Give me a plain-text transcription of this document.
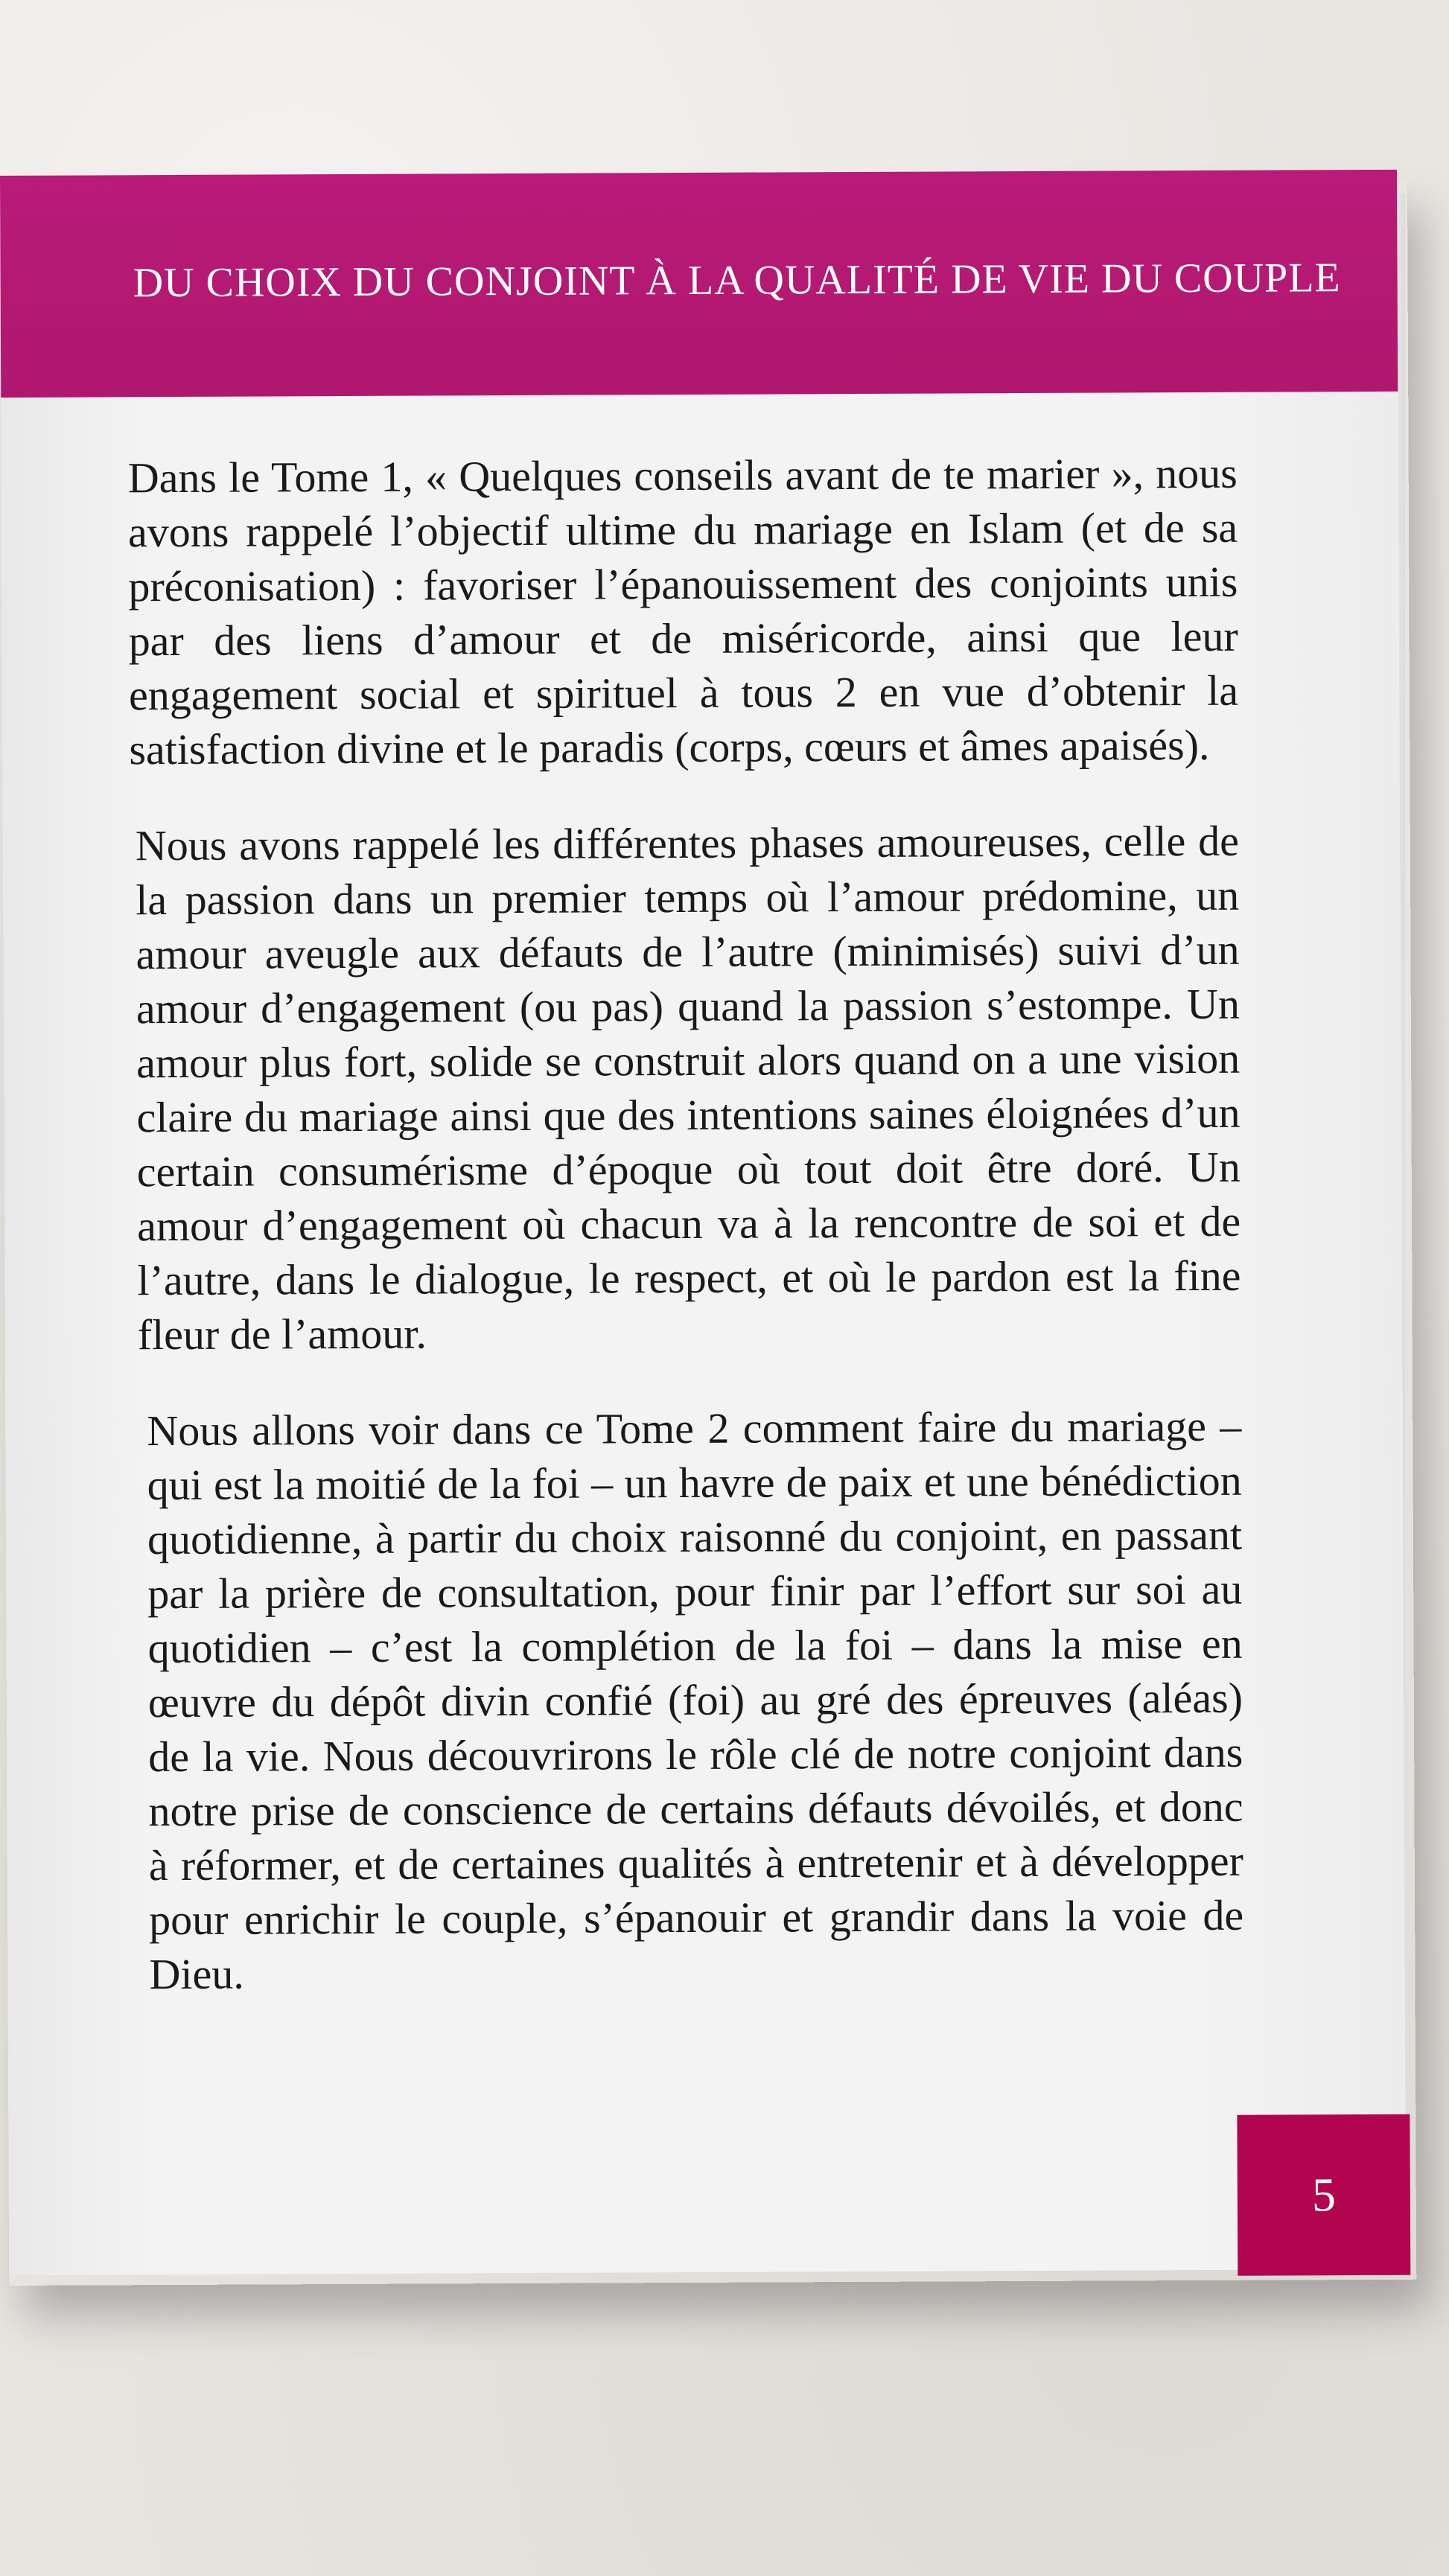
DU CHOIX DU CONJOINT À LA QUALITÉ DE VIE DU COUPLE

Dans le Tome 1, « Quelques conseils avant de te marier », nous avons rappelé l’objectif ultime du mariage en Islam (et de sa préconisation) : favoriser l’épanouissement des conjoints unis par des liens d’amour et de miséricorde, ainsi que leur engagement social et spirituel à tous 2 en vue d’obtenir la satisfaction divine et le paradis (corps, cœurs et âmes apaisés).

Nous avons rappelé les différentes phases amoureuses, celle de la passion dans un premier temps où l’amour prédomine, un amour aveugle aux défauts de l’autre (minimisés) suivi d’un amour d’engagement (ou pas) quand la passion s’estompe. Un amour plus fort, solide se construit alors quand on a une vision claire du mariage ainsi que des intentions saines éloignées d’un certain consumérisme d’époque où tout doit être doré. Un amour d’engagement où chacun va à la rencontre de soi et de l’autre, dans le dialogue, le respect, et où le pardon est la fine fleur de l’amour.

Nous allons voir dans ce Tome 2 comment faire du mariage – qui est la moitié de la foi – un havre de paix et une bénédiction quotidienne, à partir du choix raisonné du conjoint, en passant par la prière de consultation, pour finir par l’effort sur soi au quotidien – c’est la complétion de la foi – dans la mise en œuvre du dépôt divin confié (foi) au gré des épreuves (aléas) de la vie. Nous découvrirons le rôle clé de notre conjoint dans notre prise de conscience de certains défauts dévoilés, et donc à réformer, et de certaines qualités à entretenir et à développer pour enrichir le couple, s’épanouir et grandir dans la voie de Dieu.

5
